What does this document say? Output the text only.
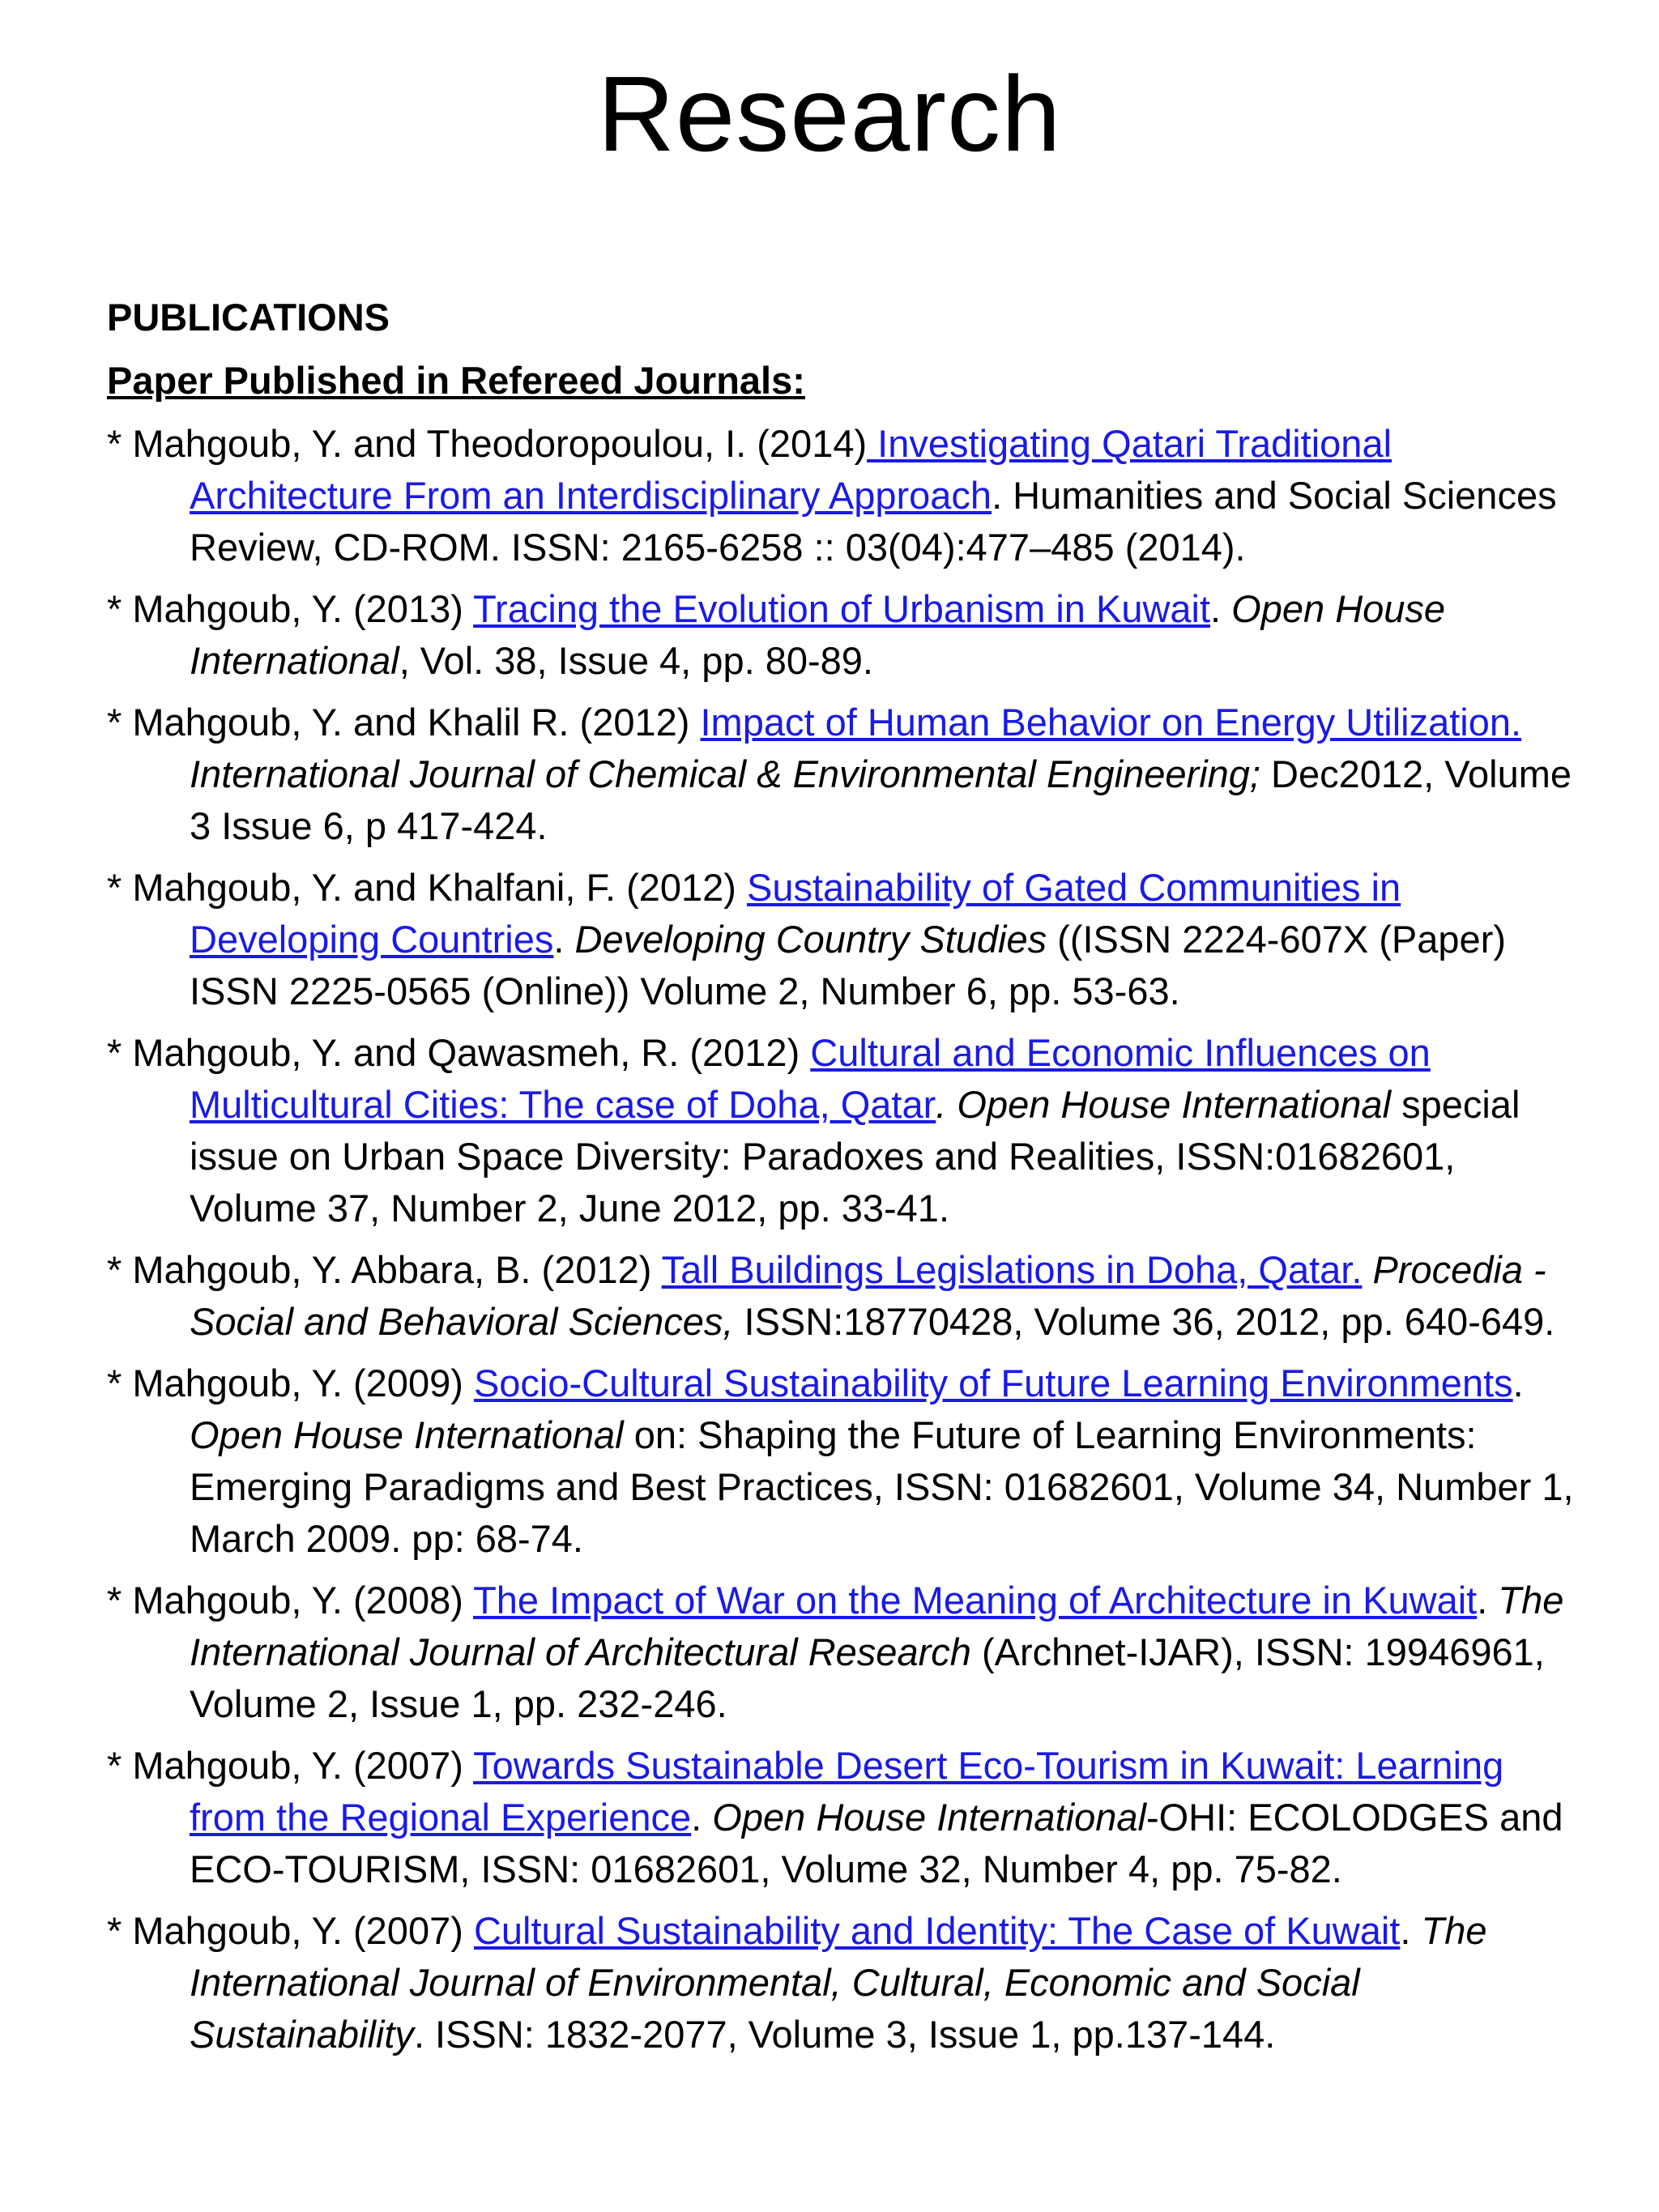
Research
PUBLICATIONS
Paper Published in Refereed Journals:
* Mahgoub, Y. and Theodoropoulou, I. (2014) Investigating Qatari Traditional Architecture From an Interdisciplinary Approach. Humanities and Social Sciences Review, CD-ROM. ISSN: 2165-6258 :: 03(04):477–485 (2014).
* Mahgoub, Y. (2013) Tracing the Evolution of Urbanism in Kuwait. Open House International, Vol. 38, Issue 4, pp. 80-89.
* Mahgoub, Y. and Khalil R. (2012) Impact of Human Behavior on Energy Utilization. International Journal of Chemical & Environmental Engineering; Dec2012, Volume 3 Issue 6, p 417-424.
* Mahgoub, Y. and Khalfani, F. (2012) Sustainability of Gated Communities in Developing Countries. Developing Country Studies ((ISSN 2224-607X (Paper) ISSN 2225-0565 (Online)) Volume 2, Number 6, pp. 53-63.
* Mahgoub, Y. and Qawasmeh, R. (2012) Cultural and Economic Influences on Multicultural Cities: The case of Doha, Qatar. Open House International special issue on Urban Space Diversity: Paradoxes and Realities, ISSN:01682601, Volume 37, Number 2, June 2012, pp. 33-41.
* Mahgoub, Y. Abbara, B. (2012) Tall Buildings Legislations in Doha, Qatar. Procedia - Social and Behavioral Sciences, ISSN:18770428, Volume 36, 2012, pp. 640-649.
* Mahgoub, Y. (2009) Socio-Cultural Sustainability of Future Learning Environments. Open House International on: Shaping the Future of Learning Environments: Emerging Paradigms and Best Practices, ISSN: 01682601, Volume 34, Number 1, March 2009. pp: 68-74.
* Mahgoub, Y. (2008) The Impact of War on the Meaning of Architecture in Kuwait. The International Journal of Architectural Research (Archnet-IJAR), ISSN: 19946961, Volume 2, Issue 1, pp. 232-246.
* Mahgoub, Y. (2007) Towards Sustainable Desert Eco-Tourism in Kuwait: Learning from the Regional Experience. Open House International-OHI: ECOLODGES and ECO-TOURISM, ISSN: 01682601, Volume 32, Number 4, pp. 75-82.
* Mahgoub, Y. (2007) Cultural Sustainability and Identity: The Case of Kuwait. The International Journal of Environmental, Cultural, Economic and Social Sustainability. ISSN: 1832-2077, Volume 3, Issue 1, pp.137-144.
